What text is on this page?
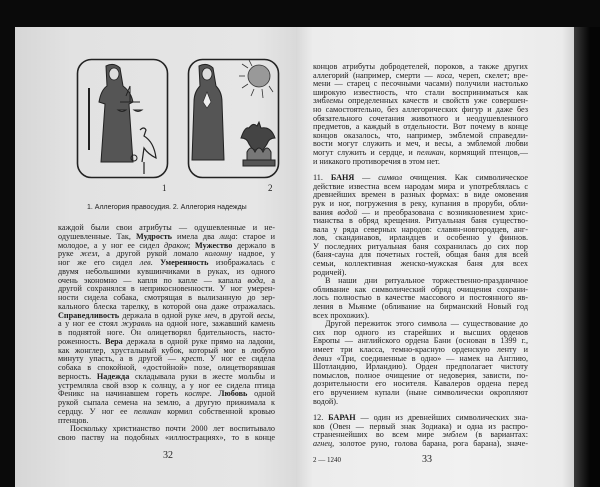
1	2
1. Аллегория правосудия. 2. Аллегория надежды
каждой были свои атрибуты — одушевленные и не-
одушевленные. Так, Мудрость имела два лица: старое и
молодое, а у ног ее сидел дракон; Мужество держало в
руке жезл, а другой рукой ломало колонну надвое, у
ног же его сидел лев. Умеренность изображалась с
двумя небольшими кувшинчиками в руках, из одного
очень экономно — капля по капле — капала вода, а
другой сохранялся в неприкосновенности. У ног умерен-
ности сидела собака, смотрящая в вылизанную до зер-
кального блеска тарелку, в которой она даже отражалась.
Справедливость держала в одной руке меч, в другой весы,
а у ног ее стоял журавль на одной ноге, зажавший камень
в поднятой ноге. Он олицетворял бдительность, насто-
роженность. Вера держала в одной руке прямо на ладони,
как жонглер, хрустальный кубок, который мог в любую
минуту упасть, а в другой — крест. У ног ее сидела
собака в спокойной, «достойной» позе, олицетворявшая
верность. Надежда складывала руки в жесте мольбы и
устремляла свой взор к солнцу, а у ног ее сидела птица
Феникс на начинавшем гореть костре. Любовь одной
рукой сыпала семена на землю, а другую прижимала к
сердцу. У ног ее пеликан кормил собственной кровью
птенцов.
Поскольку христианство почти 2000 лет воспитывало
свою паству на подобных «иллюстрациях», то в конце
32
концов атрибуты добродетелей, пороков, а также других
аллегорий (например, смерти — коса, череп, скелет; вре-
мени — старец с песочными часами) получили настолько
широкую известность, что стали восприниматься как
эмблемы определенных качеств и свойств уже совершен-
но самостоятельно, без аллегорических фигур и даже без
обязательного сочетания животного и неодушевленного
предметов, а каждый в отдельности. Вот почему в конце
концов оказалось, что, например, эмблемой справедли-
вости могут служить и меч, и весы, а эмблемой любви
могут служить и сердце, и пеликан, кормящий птенцов,—
и никакого противоречия в этом нет.
11. БАНЯ — символ очищения. Как символическое
действие известна всем народам мира и употреблялась с
древнейших времен в разных формах: в виде омовения
рук и ног, погружения в реку, купания в проруби, обли-
вания водой — и преобразована с возникновением хрис-
тианства в обряд крещения. Ритуальная баня существо-
вала у ряда северных народов: славян-новгородцев, анг-
лов, скандинавов, ирландцев и особенно у финнов.
У последних ритуальная баня сохранилась до сих пор
(баня-сауна для почетных гостей, общая баня для всей
семьи, коллективная женско-мужская баня для всех
родичей).
В наши дни ритуальное торжественно-праздничное
обливание как символический обряд очищения сохрани-
лось полностью в качестве массового и постоянного яв-
ления в Мьянме (обливание на бирманский Новый год
всех прохожих).
Другой пережиток этого символа — существование до
сих пор одного из старейших и высших орденов
Европы — английского ордена Бани (основан в 1399 г.,
имеет три класса, темно-красную орденскую ленту и
девиз «Три, соединенные в одно» — намек на Англию,
Шотландию, Ирландию). Орден предполагает чистоту
помыслов, полное очищение от недоверия, зависти, по-
дозрительности его носителя. Кавалеров ордена перед
его вручением купали (ныне символически окропляют
водой).
12. БАРАН — один из древнейших символических зна-
ков (Овен — первый знак Зодиака) и одна из распро-
страненнейших во всем мире эмблем (в вариантах:
агнец, золотое руно, голова барана, рога барана), значе-
2 — 1240	33
